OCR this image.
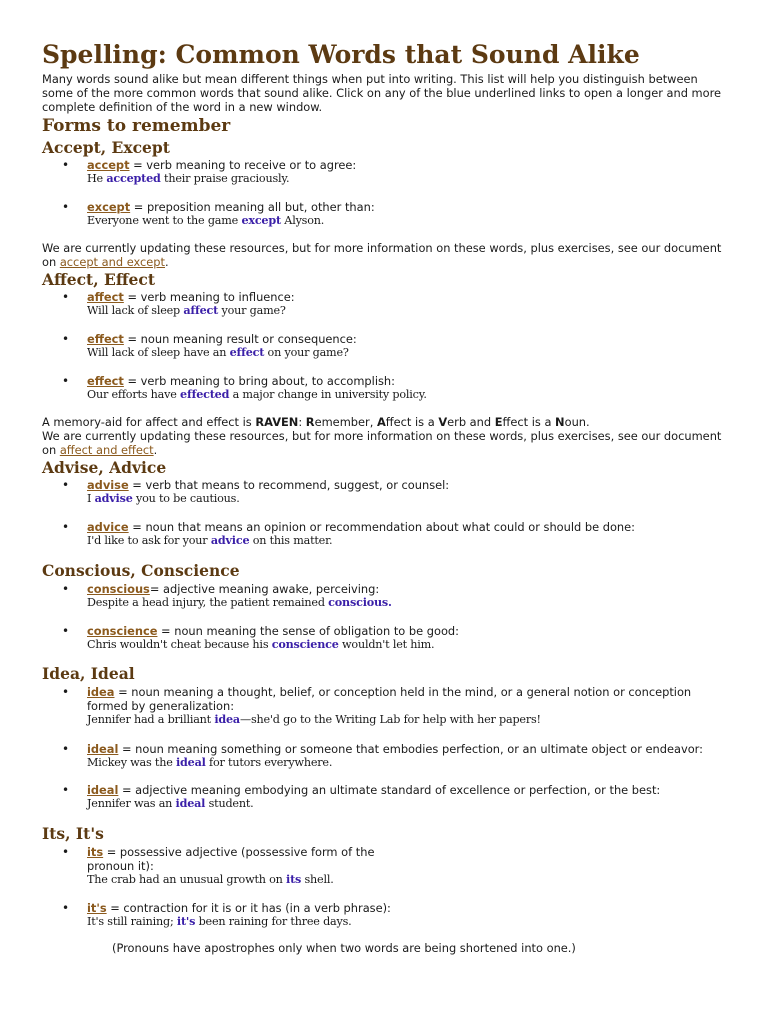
Spelling: Common Words that Sound Alike

Many words sound alike but mean different things when put into writing. This list will help you distinguish between some of the more common words that sound alike. Click on any of the blue underlined links to open a longer and more complete definition of the word in a new window.

Forms to remember
Accept, Except
• accept = verb meaning to receive or to agree:

He accepted their praise graciously.

• except = preposition meaning all but, other than:

Everyone went to the game except Alyson.

We are currently updating these resources, but for more information on these words, plus exercises, see our document on accept and except.

Affect, Effect
• affect = verb meaning to influence:

Will lack of sleep affect your game?

• effect = noun meaning result or consequence:

Will lack of sleep have an effect on your game?

• effect = verb meaning to bring about, to accomplish:

Our efforts have effected a major change in university policy.

A memory-aid for affect and effect is RAVEN: Remember, Affect is a Verb and Effect is a Noun.

We are currently updating these resources, but for more information on these words, plus exercises, see our document on affect and effect.

Advise, Advice
• advise = verb that means to recommend, suggest, or counsel:

I advise you to be cautious.

• advice = noun that means an opinion or recommendation about what could or should be done:

I'd like to ask for your advice on this matter.

Conscious, Conscience
• conscious= adjective meaning awake, perceiving:

Despite a head injury, the patient remained conscious.

• conscience = noun meaning the sense of obligation to be good:

Chris wouldn't cheat because his conscience wouldn't let him.

Idea, Ideal
• idea = noun meaning a thought, belief, or conception held in the mind, or a general notion or conception formed by generalization:

Jennifer had a brilliant idea—she'd go to the Writing Lab for help with her papers!

• ideal = noun meaning something or someone that embodies perfection, or an ultimate object or endeavor:

Mickey was the ideal for tutors everywhere.

• ideal = adjective meaning embodying an ultimate standard of excellence or perfection, or the best:

Jennifer was an ideal student.

Its, It's
• its = possessive adjective (possessive form of the

pronoun it):

The crab had an unusual growth on its shell.

• it's = contraction for it is or it has (in a verb phrase):

It's still raining; it's been raining for three days.

(Pronouns have apostrophes only when two words are being shortened into one.)
